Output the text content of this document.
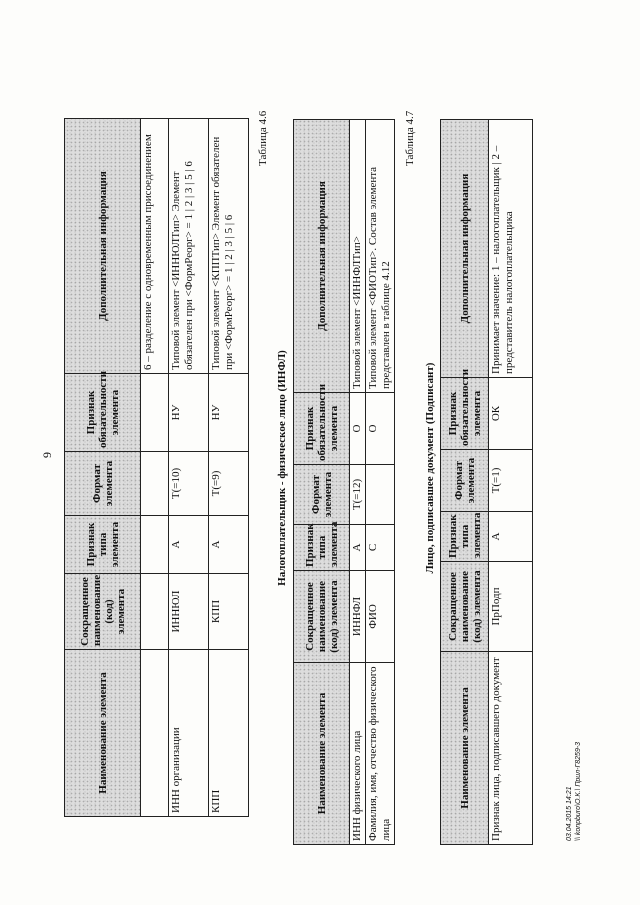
9
Наименование элемента	Сокращенное наименование (код) элемента	Признак типа элемента	Формат элемента	Признак обязательности элемента	Дополнительная информация
					6 – разделение с одновременным присоединением
ИНН организации	ИННЮЛ	А	T(=10)	НУ	Типовой элемент <ИННЮЛТип> Элемент обязателен при <ФормРеорг> = 1 | 2 | 3 | 5 | 6
КПП	КПП	А	T(=9)	НУ	Типовой элемент <КППТип> Элемент обязателен при <ФормРеорг> = 1 | 2 | 3 | 5 | 6
Таблица 4.6
Налогоплательщик - физическое лицо (ИНФЛ)
Наименование элемента	Сокращенное наименование (код) элемента	Признак типа элемента	Формат элемента	Признак обязательности элемента	Дополнительная информация
ИНН физического лица	ИННФЛ	А	T(=12)	О	Типовой элемент <ИННФЛТип>
Фамилия, имя, отчество физического лица	ФИО	С		О	Типовой элемент <ФИОТип>. Состав элемента представлен в таблице 4.12
Таблица 4.7
Лицо, подписавшее документ (Подписант)
Наименование элемента	Сокращенное наименование (код) элемента	Признак типа элемента	Формат элемента	Признак обязательности элемента	Дополнительная информация
Признак лица, подписавшего документ	ПрПодп	А	T(=1)	ОК	Принимает значение: 1 – налогоплательщик | 2 – представитель налогоплательщика
03.04.2015 14:21 \\ konpburo\О.К.\ Прил-Г8259-3
